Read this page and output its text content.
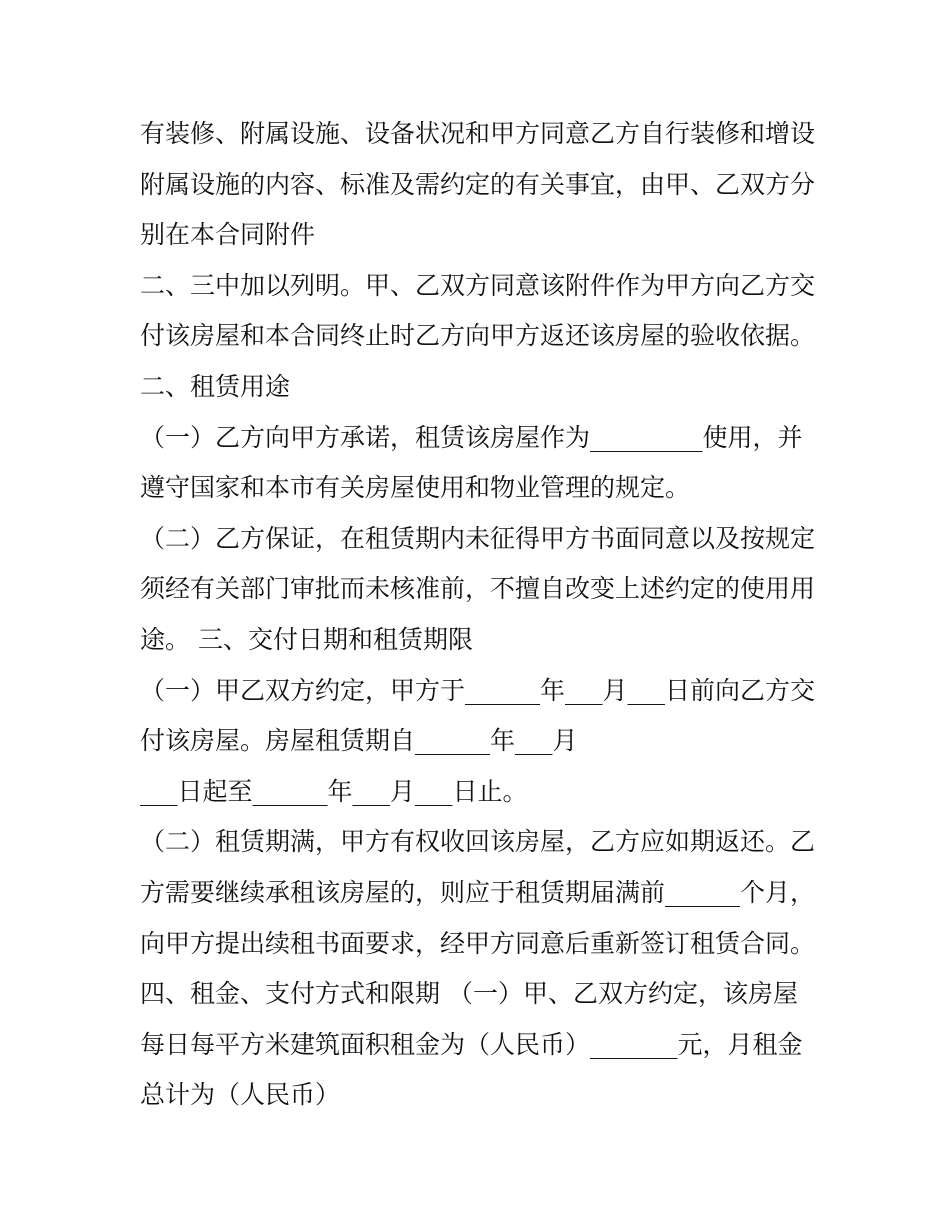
有装修、附属设施、设备状况和甲方同意乙方自行装修和增设
附属设施的内容、标准及需约定的有关事宜，由甲、乙双方分
别在本合同附件
二、三中加以列明。甲、乙双方同意该附件作为甲方向乙方交
付该房屋和本合同终止时乙方向甲方返还该房屋的验收依据。
二、租赁用途
（一）乙方向甲方承诺，租赁该房屋作为_________使用，并
遵守国家和本市有关房屋使用和物业管理的规定。
（二）乙方保证，在租赁期内未征得甲方书面同意以及按规定
须经有关部门审批而未核准前，不擅自改变上述约定的使用用
途。 三、交付日期和租赁期限
（一）甲乙双方约定，甲方于______年___月___日前向乙方交
付该房屋。房屋租赁期自______年___月
___日起至______年___月___日止。
（二）租赁期满，甲方有权收回该房屋，乙方应如期返还。乙
方需要继续承租该房屋的，则应于租赁期届满前______个月，
向甲方提出续租书面要求，经甲方同意后重新签订租赁合同。
四、租金、支付方式和限期 （一）甲、乙双方约定，该房屋
每日每平方米建筑面积租金为（人民币）_______元，月租金
总计为（人民币）
